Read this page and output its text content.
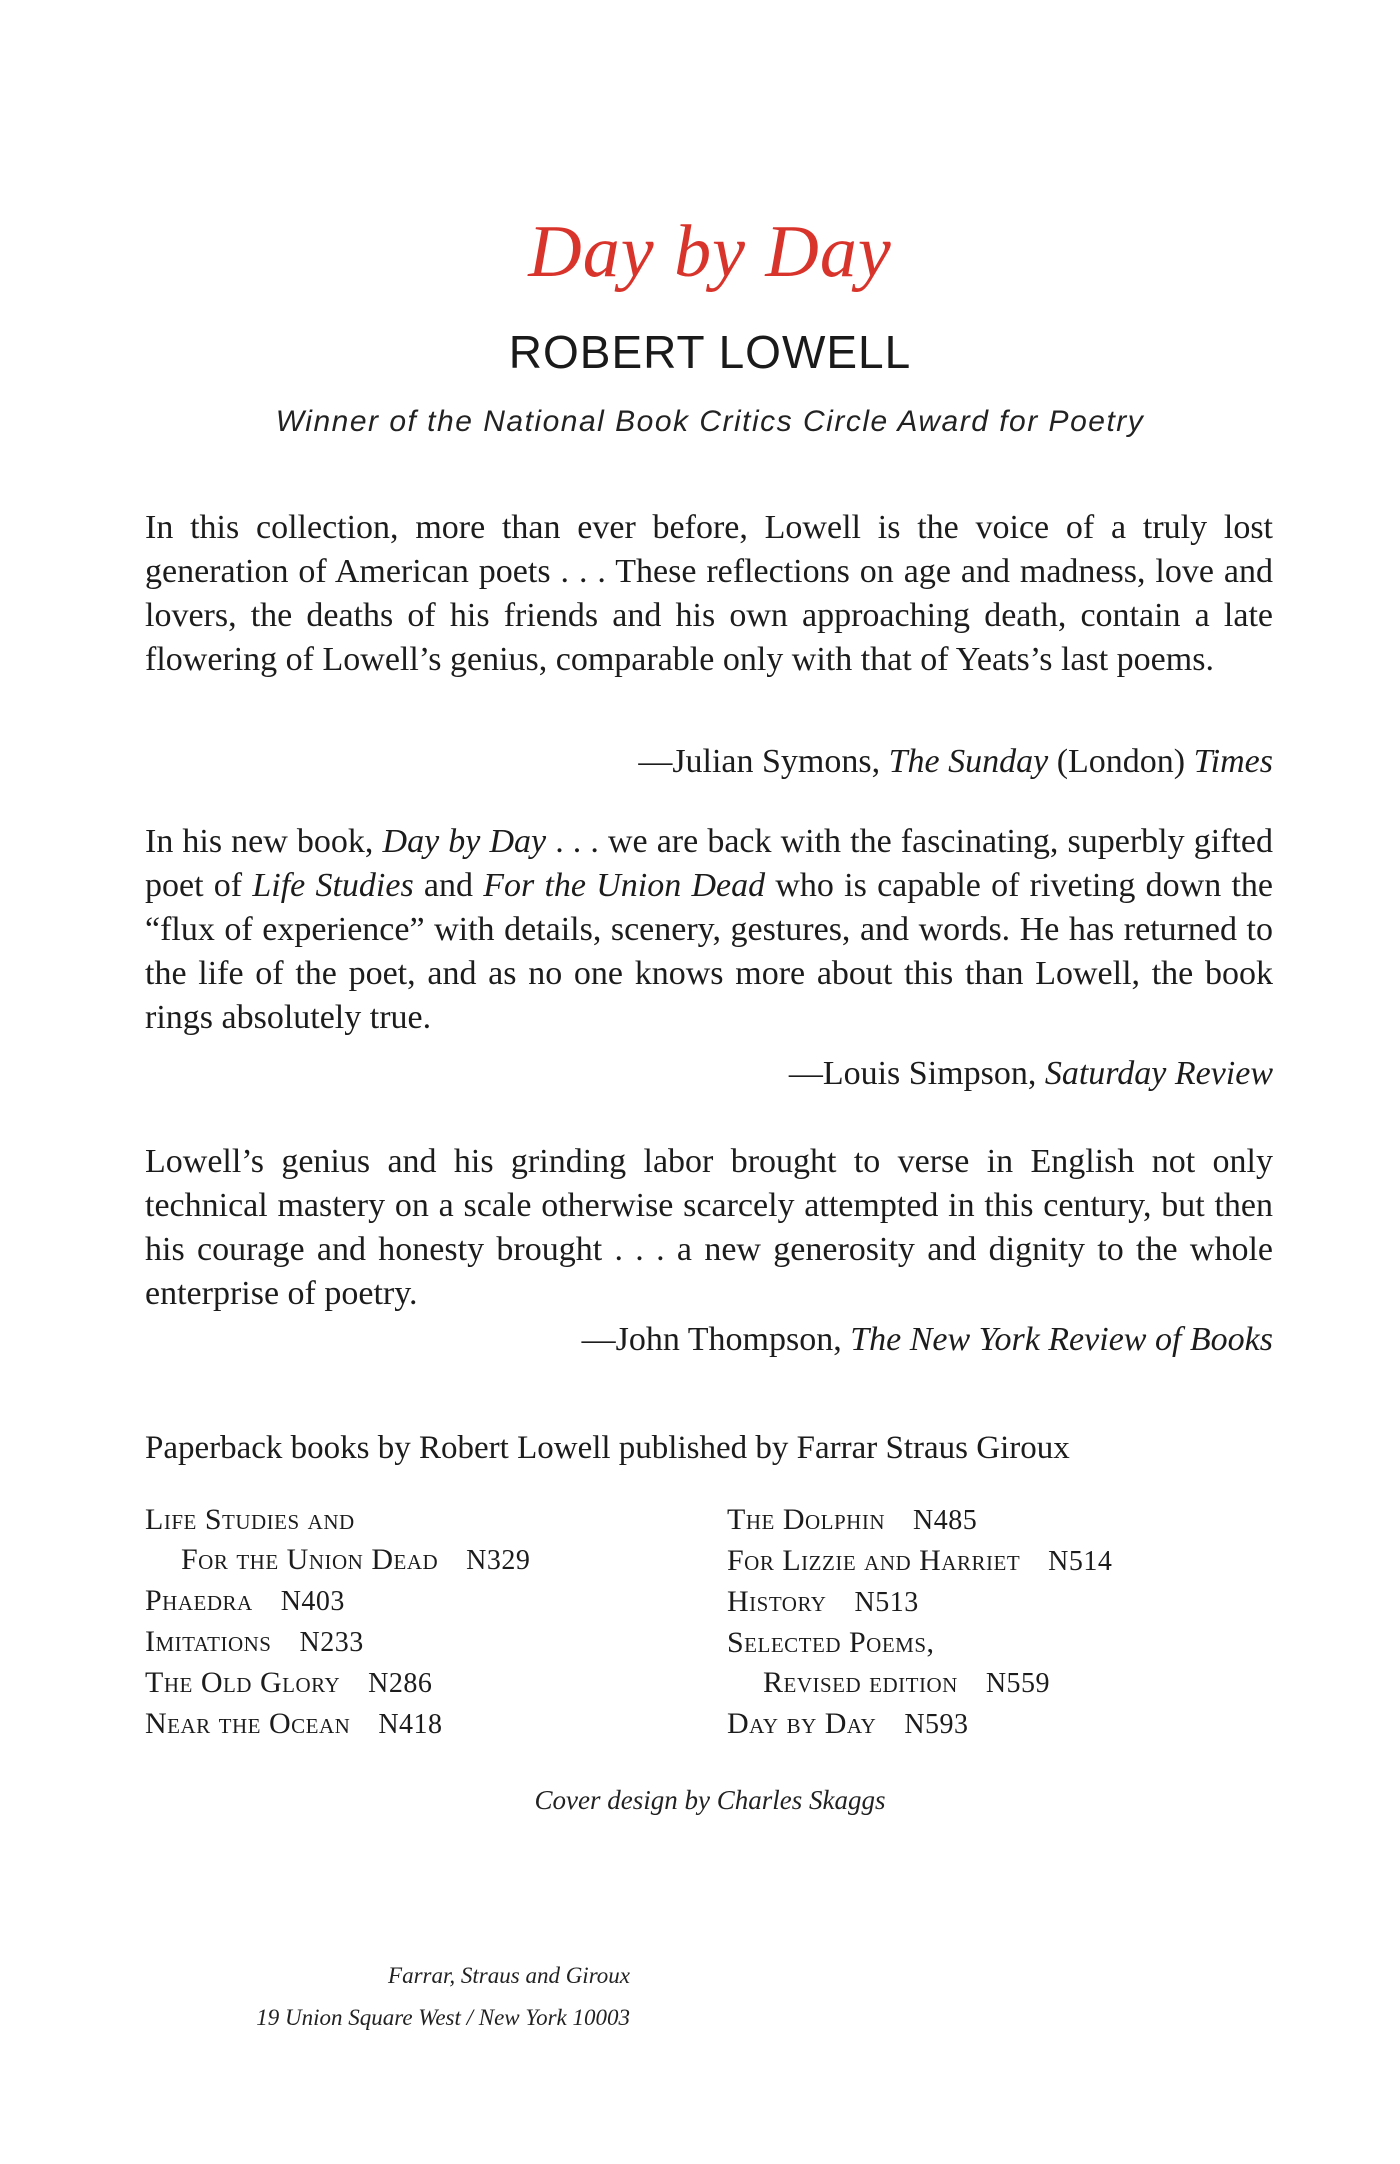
Day by Day
ROBERT LOWELL
Winner of the National Book Critics Circle Award for Poetry
In this collection, more than ever before, Lowell is the voice of a truly lost generation of American poets . . . These reflections on age and madness, love and lovers, the deaths of his friends and his own approaching death, contain a late flowering of Lowell’s genius, comparable only with that of Yeats’s last poems.
—Julian Symons, The Sunday (London) Times
In his new book, Day by Day . . . we are back with the fascinating, superbly gifted poet of Life Studies and For the Union Dead who is capable of riveting down the “flux of experience” with details, scenery, gestures, and words. He has returned to the life of the poet, and as no one knows more about this than Lowell, the book rings absolutely true.
—Louis Simpson, Saturday Review
Lowell’s genius and his grinding labor brought to verse in English not only technical mastery on a scale otherwise scarcely attempted in this century, but then his courage and honesty brought . . . a new generosity and dignity to the whole enterprise of poetry.
—John Thompson, The New York Review of Books
Paperback books by Robert Lowell published by Farrar Straus Giroux
Life Studies and
For the Union Dead N329
Phaedra N403
Imitations N233
The Old Glory N286
Near the Ocean N418
The Dolphin N485
For Lizzie and Harriet N514
History N513
Selected Poems,
Revised edition N559
Day by Day N593
Cover design by Charles Skaggs
Farrar, Straus and Giroux
19 Union Square West / New York 10003
